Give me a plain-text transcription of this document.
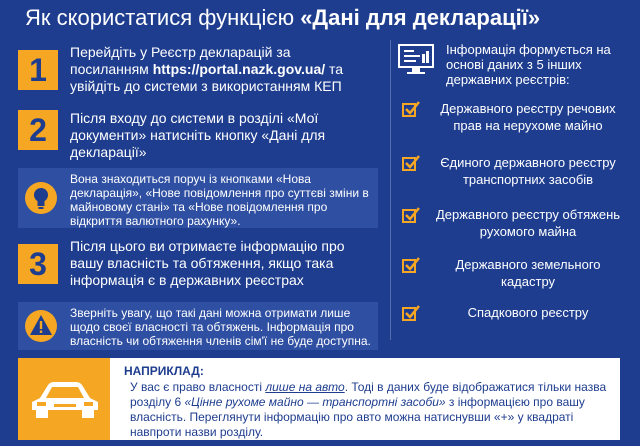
Як скористатися функцією «Дані для декларації»
1	Перейдіть у Реєстр декларацій за посиланням https://portal.nazk.gov.ua/ та увійдіть до системи з використанням КЕП
2	Після входу до системи в розділі «Мої документи» натисніть кнопку «Дані для декларації»
Вона знаходиться поруч із кнопками «Нова декларація», «Нове повідомлення про суттєві зміни в майновому стані» та «Нове повідомлення про відкриття валютного рахунку».
3	Після цього ви отримаєте інформацію про вашу власність та обтяження, якщо така інформація є в державних реєстрах
Зверніть увагу, що такі дані можна отримати лише щодо своєї власності та обтяжень. Інформація про власність чи обтяження членів сім'ї не буде доступна.
Інформація формується на основі даних з 5 інших державних реєстрів:
Державного реєстру речових прав на нерухоме майно
Єдиного державного реєстру транспортних засобів
Державного реєстру обтяжень рухомого майна
Державного земельного кадастру
Спадкового реєстру
НАПРИКЛАД:
У вас є право власності лише на авто. Тоді в даних буде відображатися тільки назва розділу 6 «Цінне рухоме майно — транспортні засоби» з інформацією про вашу власність. Переглянути інформацію про авто можна натиснувши «+» у квадраті навпроти назви розділу.
